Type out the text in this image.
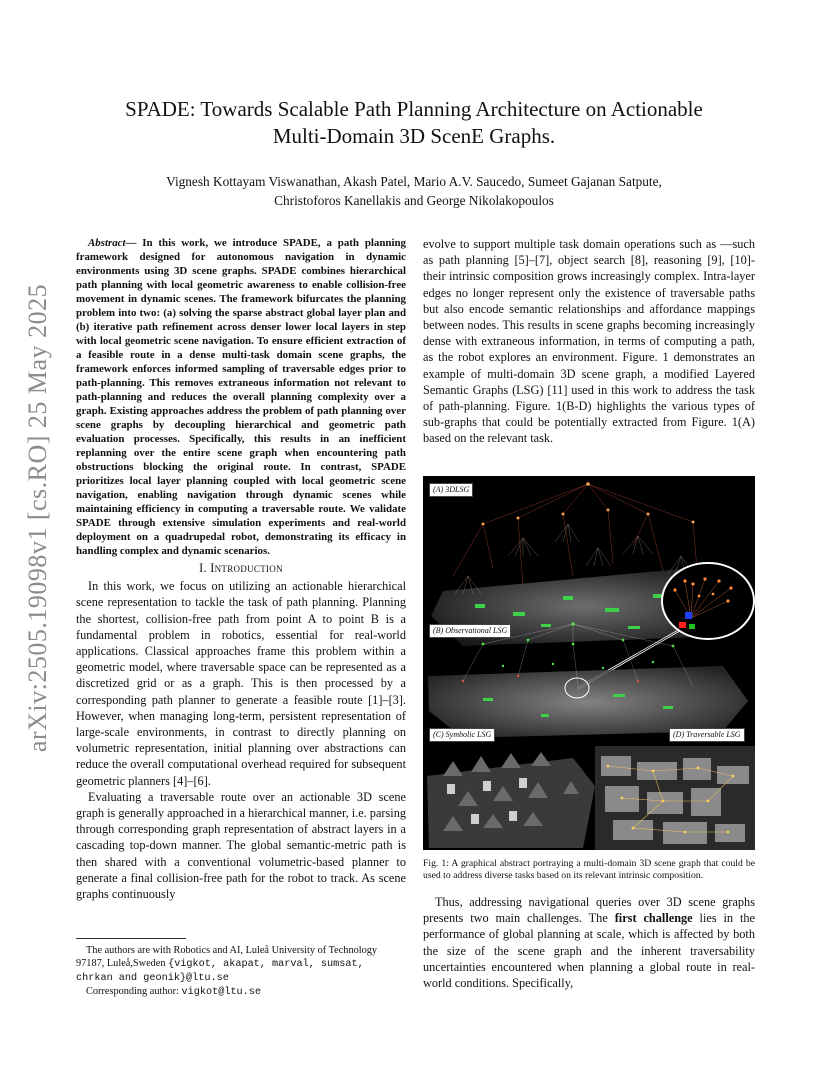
arXiv:2505.19098v1 [cs.RO] 25 May 2025
SPADE: Towards Scalable Path Planning Architecture on Actionable
Multi-Domain 3D ScenE Graphs.
Vignesh Kottayam Viswanathan, Akash Patel, Mario A.V. Saucedo, Sumeet Gajanan Satpute,
Christoforos Kanellakis and George Nikolakopoulos

Abstract— In this work, we introduce SPADE, a path planning framework designed for autonomous navigation in dynamic environments using 3D scene graphs. SPADE combines hierarchical path planning with local geometric awareness to enable collision-free movement in dynamic scenes. The framework bifurcates the planning problem into two: (a) solving the sparse abstract global layer plan and (b) iterative path refinement across denser lower local layers in step with local geometric scene navigation. To ensure efficient extraction of a feasible route in a dense multi-task domain scene graphs, the framework enforces informed sampling of traversable edges prior to path-planning. This removes extraneous information not relevant to path-planning and reduces the overall planning complexity over a graph. Existing approaches address the problem of path planning over scene graphs by decoupling hierarchical and geometric path evaluation processes. Specifically, this results in an inefficient replanning over the entire scene graph when encountering path obstructions blocking the original route. In contrast, SPADE prioritizes local layer planning coupled with local geometric scene navigation, enabling navigation through dynamic scenes while maintaining efficiency in computing a traversable route. We validate SPADE through extensive simulation experiments and real-world deployment on a quadrupedal robot, demonstrating its efficacy in handling complex and dynamic scenarios.

I. Introduction

In this work, we focus on utilizing an actionable hierarchical scene representation to tackle the task of path planning. Planning the shortest, collision-free path from point A to point B is a fundamental problem in robotics, essential for real-world applications. Classical approaches frame this problem within a geometric model, where traversable space can be represented as a discretized grid or as a graph. This is then processed by a corresponding path planner to generate a feasible route [1]–[3]. However, when managing long-term, persistent representation of large-scale environments, in contrast to directly planning on volumetric representation, initial planning over abstractions can reduce the overall computational overhead required for subsequent geometric planners [4]–[6].

Evaluating a traversable route over an actionable 3D scene graph is generally approached in a hierarchical manner, i.e. parsing through corresponding graph representation of abstract layers in a cascading top-down manner. The global semantic-metric path is then shared with a conventional volumetric-based planner to generate a final collision-free path for the robot to track. As scene graphs continuously

The authors are with Robotics and AI, Luleå University of Technology 97187, Luleå,Sweden {vigkot, akapat, marval, sumsat, chrkan and geonik}@ltu.se
Corresponding author: vigkot@ltu.se

evolve to support multiple task domain operations such as —such as path planning [5]–[7], object search [8], reasoning [9], [10]- their intrinsic composition grows increasingly complex. Intra-layer edges no longer represent only the existence of traversable paths but also encode semantic relationships and affordance mappings between nodes. This results in scene graphs becoming increasingly dense with extraneous information, in terms of computing a path, as the robot explores an environment. Figure. 1 demonstrates an example of multi-domain 3D scene graph, a modified Layered Semantic Graphs (LSG) [11] used in this work to address the task of path-planning. Figure. 1(B-D) highlights the various types of sub-graphs that could be potentially extracted from Figure. 1(A) based on the relevant task.

(A) 3DLSG
(B) Observational LSG
(C) Symbolic LSG	(D) Traversable LSG
Fig. 1: A graphical abstract portraying a multi-domain 3D scene graph that could be used to address diverse tasks based on its relevant intrinsic composition.

Thus, addressing navigational queries over 3D scene graphs presents two main challenges. The first challenge lies in the performance of global planning at scale, which is affected by both the size of the scene graph and the inherent traversability uncertainties encountered when planning a global route in real-world conditions. Specifically,
